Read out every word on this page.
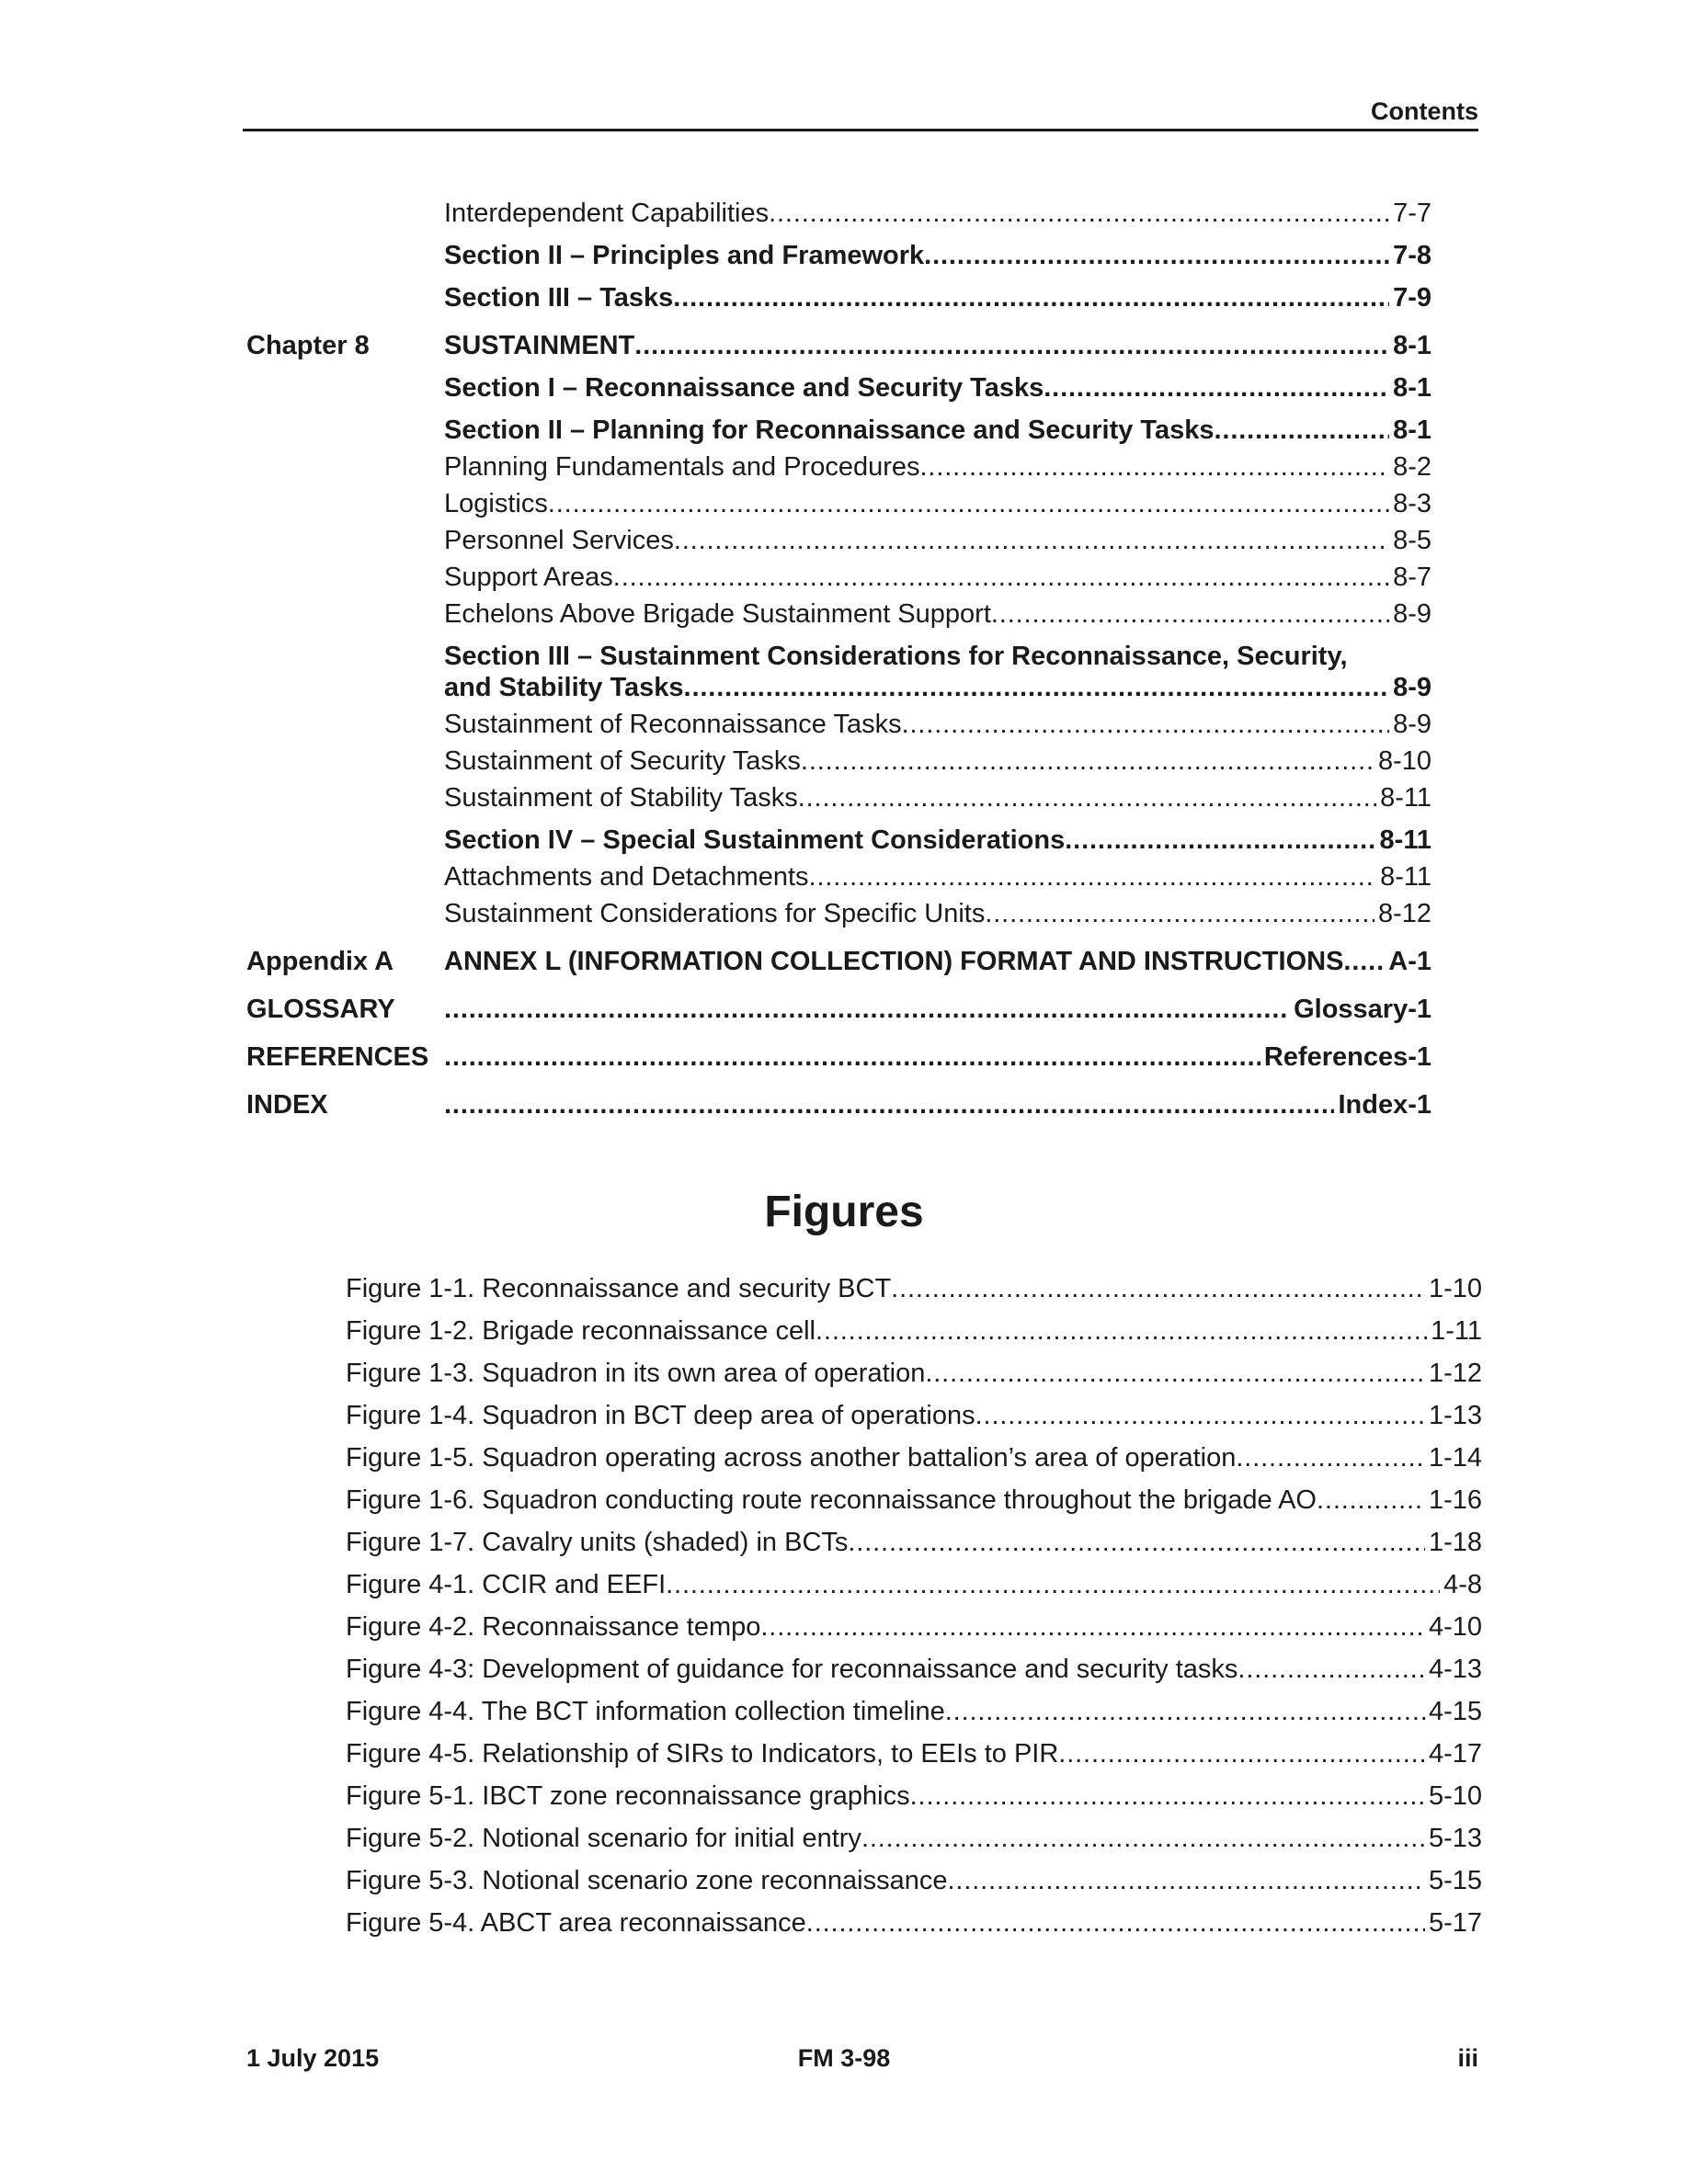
Contents
Interdependent Capabilities . . .	7-7
Section II – Principles and Framework . . .	7-8
Section III – Tasks . . .	7-9
Chapter 8	SUSTAINMENT . . .	8-1
Section I – Reconnaissance and Security Tasks . . .	8-1
Section II – Planning for Reconnaissance and Security Tasks . . .	8-1
Planning Fundamentals and Procedures . . .	8-2
Logistics . . .	8-3
Personnel Services . . .	8-5
Support Areas . . .	8-7
Echelons Above Brigade Sustainment Support . . .	8-9
Section III – Sustainment Considerations for Reconnaissance, Security,
and Stability Tasks . . .	8-9
Sustainment of Reconnaissance Tasks . . .	8-9
Sustainment of Security Tasks . . .	8-10
Sustainment of Stability Tasks . . .	8-11
Section IV – Special Sustainment Considerations . . .	8-11
Attachments and Detachments . . .	8-11
Sustainment Considerations for Specific Units . . .	8-12
Appendix A ANNEX L (INFORMATION COLLECTION) FORMAT AND INSTRUCTIONS . . . A-1
GLOSSARY . . .	Glossary-1
REFERENCES . . .	References-1
INDEX . . .	Index-1
Figures
Figure 1-1. Reconnaissance and security BCT . . .	1-10
Figure 1-2. Brigade reconnaissance cell . . .	1-11
Figure 1-3. Squadron in its own area of operation . . .	1-12
Figure 1-4. Squadron in BCT deep area of operations . . .	1-13
Figure 1-5. Squadron operating across another battalion’s area of operation . . .	1-14
Figure 1-6. Squadron conducting route reconnaissance throughout the brigade AO . . .	1-16
Figure 1-7. Cavalry units (shaded) in BCTs . . .	1-18
Figure 4-1. CCIR and EEFI . . .	4-8
Figure 4-2. Reconnaissance tempo . . .	4-10
Figure 4-3: Development of guidance for reconnaissance and security tasks . . .	4-13
Figure 4-4. The BCT information collection timeline . . .	4-15
Figure 4-5. Relationship of SIRs to Indicators, to EEIs to PIR . . .	4-17
Figure 5-1. IBCT zone reconnaissance graphics . . .	5-10
Figure 5-2. Notional scenario for initial entry . . .	5-13
Figure 5-3. Notional scenario zone reconnaissance . . .	5-15
Figure 5-4. ABCT area reconnaissance . . .	5-17
1 July 2015	FM 3-98	iii
